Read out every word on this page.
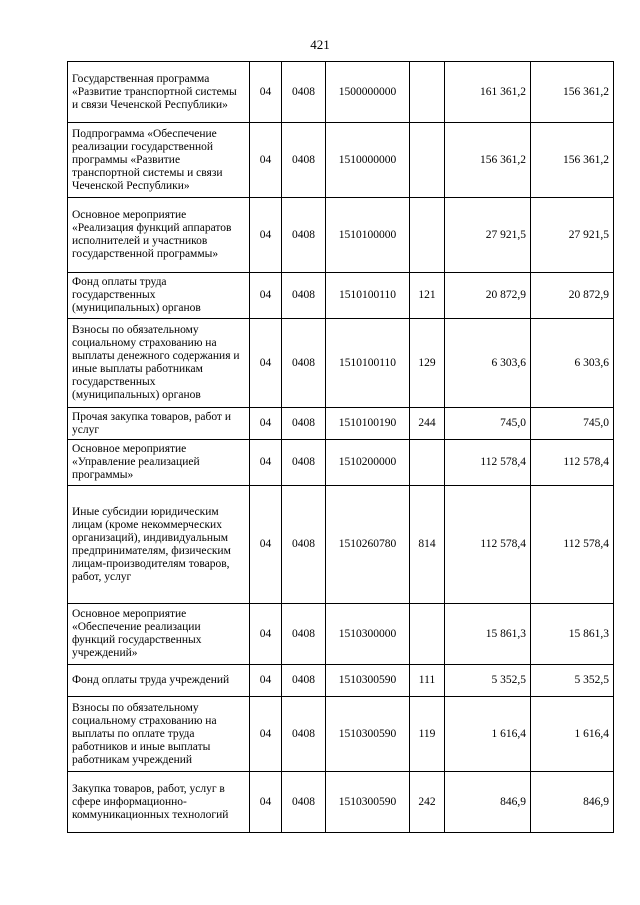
421
Государственная программа «Развитие транспортной системы и связи Чеченской Республики»	04	0408	1500000000		161 361,2	156 361,2
Подпрограмма «Обеспечение реализации государственной программы «Развитие транспортной системы и связи Чеченской Республики»	04	0408	1510000000		156 361,2	156 361,2
Основное мероприятие «Реализация функций аппаратов исполнителей и участников государственной программы»	04	0408	1510100000		27 921,5	27 921,5
Фонд оплаты труда государственных (муниципальных) органов	04	0408	1510100110	121	20 872,9	20 872,9
Взносы по обязательному социальному страхованию на выплаты денежного содержания и иные выплаты работникам государственных (муниципальных) органов	04	0408	1510100110	129	6 303,6	6 303,6
Прочая закупка товаров, работ и услуг	04	0408	1510100190	244	745,0	745,0
Основное мероприятие «Управление реализацией программы»	04	0408	1510200000		112 578,4	112 578,4
Иные субсидии юридическим лицам (кроме некоммерческих организаций), индивидуальным предпринимателям, физическим лицам-производителям товаров, работ, услуг	04	0408	1510260780	814	112 578,4	112 578,4
Основное мероприятие «Обеспечение реализации функций государственных учреждений»	04	0408	1510300000		15 861,3	15 861,3
Фонд оплаты труда учреждений	04	0408	1510300590	111	5 352,5	5 352,5
Взносы по обязательному социальному страхованию на выплаты по оплате труда работников и иные выплаты работникам учреждений	04	0408	1510300590	119	1 616,4	1 616,4
Закупка товаров, работ, услуг в сфере информационно-коммуникационных технологий	04	0408	1510300590	242	846,9	846,9
